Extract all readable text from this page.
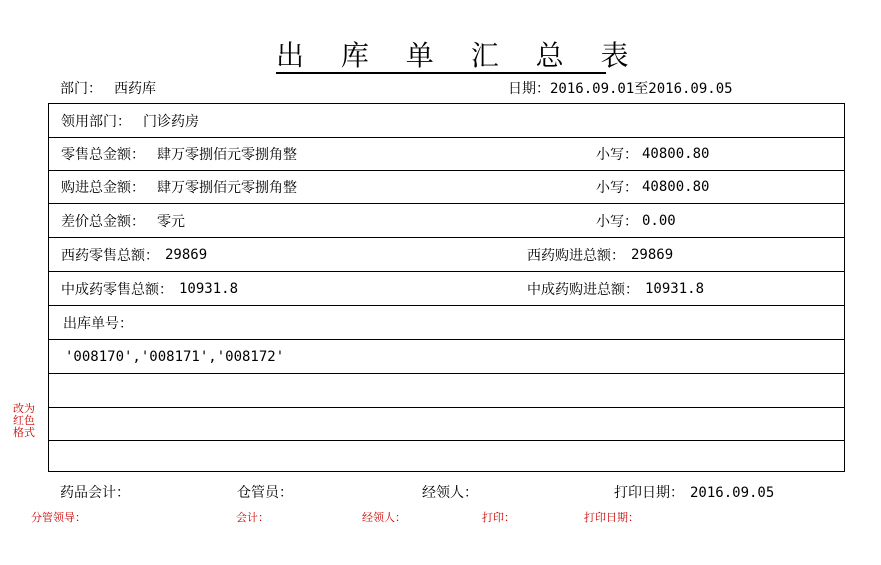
出 库 单 汇 总 表
部门： 西药库	日期：2016.09.01至2016.09.05
领用部门： 门诊药房
零售总金额： 肆万零捌佰元零捌角整	小写： 40800.80
购进总金额： 肆万零捌佰元零捌角整	小写： 40800.80
差价总金额： 零元	小写： 0.00
西药零售总额： 29869	西药购进总额： 29869
中成药零售总额： 10931.8	中成药购进总额： 10931.8
出库单号：
'008170','008171','008172'
改为红色格式
药品会计：	仓管员：	经领人：	打印日期： 2016.09.05
分管领导：	会计：	经领人：	打印：	打印日期：
